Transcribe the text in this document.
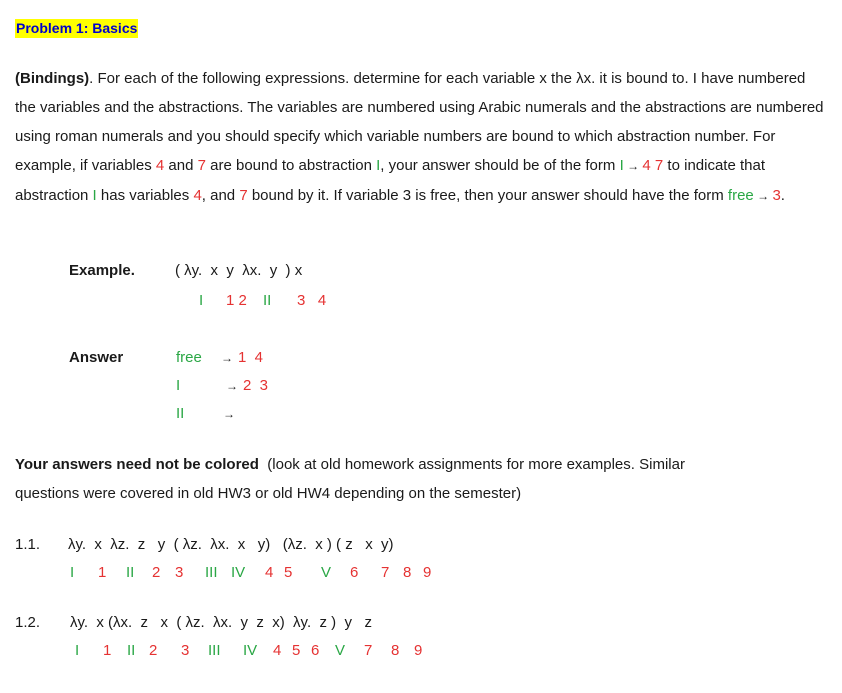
Problem 1: Basics
(Bindings). For each of the following expressions. determine for each variable x the λx. it is bound to. I have numbered the variables and the abstractions. The variables are numbered using Arabic numerals and the abstractions are numbered using roman numerals and you should specify which variable numbers are bound to which abstraction number. For example, if variables 4 and 7 are bound to abstraction I, your answer should be of the form I → 4 7 to indicate that abstraction I has variables 4, and 7 bound by it. If variable 3 is free, then your answer should have the form free → 3.
Example.	( λy.  x  y  λx.  y  ) x
I 1 2 II 3   4
Answer	free → 1  4
I	→ 2  3
II	→
Your answers need not be colored  (look at old homework assignments for more examples. Similar
questions were covered in old HW3 or old HW4 depending on the semester)
1.1. λy.  x  λz.  z   y  ( λz.  λx.  x   y)   (λz.  x ) ( z   x  y)
I 1 II 2 3 III IV 4 5 V 6 7 8 9
1.2. λy.  x (λx.  z   x  ( λz.  λx.  y  z  x)  λy.  z )  y   z
I 1 II 2 3 III IV 4 5 6 V 7 8 9
